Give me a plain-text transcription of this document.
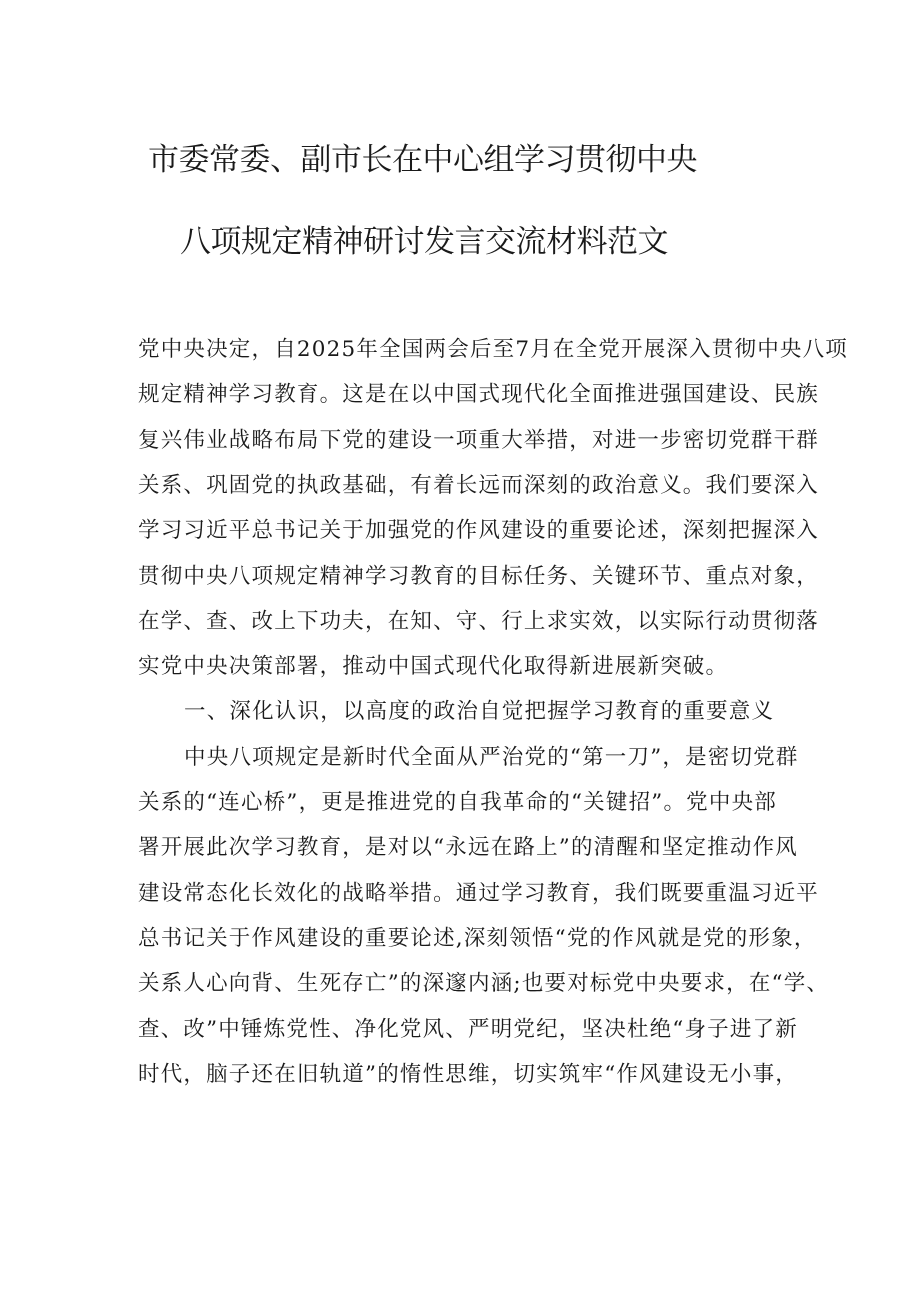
市委常委、副市长在中心组学习贯彻中央
八项规定精神研讨发言交流材料范文
党中央决定，自2025年全国两会后至7月在全党开展深入贯彻中央八项
规定精神学习教育。这是在以中国式现代化全面推进强国建设、民族
复兴伟业战略布局下党的建设一项重大举措，对进一步密切党群干群
关系、巩固党的执政基础，有着长远而深刻的政治意义。我们要深入
学习习近平总书记关于加强党的作风建设的重要论述，深刻把握深入
贯彻中央八项规定精神学习教育的目标任务、关键环节、重点对象，
在学、查、改上下功夫，在知、守、行上求实效，以实际行动贯彻落
实党中央决策部署，推动中国式现代化取得新进展新突破。
一、深化认识，以高度的政治自觉把握学习教育的重要意义
中央八项规定是新时代全面从严治党的“第一刀”，是密切党群
关系的“连心桥”，更是推进党的自我革命的“关键招”。党中央部
署开展此次学习教育，是对以“永远在路上”的清醒和坚定推动作风
建设常态化长效化的战略举措。通过学习教育，我们既要重温习近平
总书记关于作风建设的重要论述,深刻领悟“党的作风就是党的形象，
关系人心向背、生死存亡”的深邃内涵;也要对标党中央要求，在“学、
查、改”中锤炼党性、净化党风、严明党纪，坚决杜绝“身子进了新
时代，脑子还在旧轨道”的惰性思维，切实筑牢“作风建设无小事，
